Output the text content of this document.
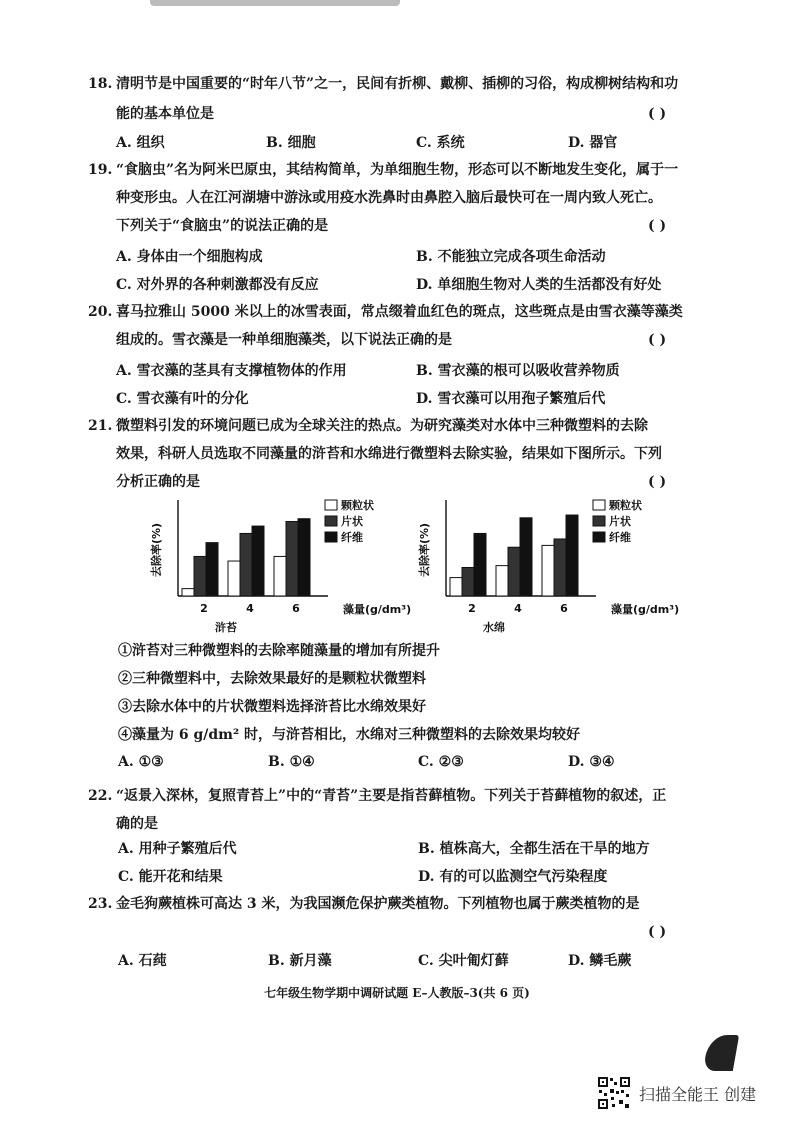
18. 清明节是中国重要的“时年八节”之一，民间有折柳、戴柳、插柳的习俗，构成柳树结构和功
能的基本单位是	( )
A. 组织	B. 细胞	C. 系统	D. 器官
19. “食脑虫”名为阿米巴原虫，其结构简单，为单细胞生物，形态可以不断地发生变化，属于一
种变形虫。人在江河湖塘中游泳或用疫水洗鼻时由鼻腔入脑后最快可在一周内致人死亡。
下列关于“食脑虫”的说法正确的是	( )
A. 身体由一个细胞构成	B. 不能独立完成各项生命活动
C. 对外界的各种刺激都没有反应	D. 单细胞生物对人类的生活都没有好处
20. 喜马拉雅山 5000 米以上的冰雪表面，常点缀着血红色的斑点，这些斑点是由雪衣藻等藻类
组成的。雪衣藻是一种单细胞藻类，以下说法正确的是	( )
A. 雪衣藻的茎具有支撑植物体的作用	B. 雪衣藻的根可以吸收营养物质
C. 雪衣藻有叶的分化	D. 雪衣藻可以用孢子繁殖后代
21. 微塑料引发的环境问题已成为全球关注的热点。为研究藻类对水体中三种微塑料的去除
效果，科研人员选取不同藻量的浒苔和水绵进行微塑料去除实验，结果如下图所示。下列
分析正确的是	( )
去除率(%)
2	4	6	藻量(g/dm³)
浒苔
颗粒状
片状
纤维	去除率(%)
2	4	6	藻量(g/dm³)
水绵
颗粒状
片状
纤维
①浒苔对三种微塑料的去除率随藻量的增加有所提升
②三种微塑料中，去除效果最好的是颗粒状微塑料
③去除水体中的片状微塑料选择浒苔比水绵效果好
④藻量为 6 g/dm² 时，与浒苔相比，水绵对三种微塑料的去除效果均较好
A. ①③	B. ①④	C. ②③	D. ③④
22. “返景入深林，复照青苔上”中的“青苔”主要是指苔藓植物。下列关于苔藓植物的叙述，正
确的是
A. 用种子繁殖后代	B. 植株高大，全都生活在干旱的地方
C. 能开花和结果	D. 有的可以监测空气污染程度
23. 金毛狗蕨植株可高达 3 米，为我国濒危保护蕨类植物。下列植物也属于蕨类植物的是
( )
A. 石莼	B. 新月藻	C. 尖叶匍灯藓	D. 鳞毛蕨
七年级生物学期中调研试题 E–人教版–3(共 6 页)
扫描全能王 创建
